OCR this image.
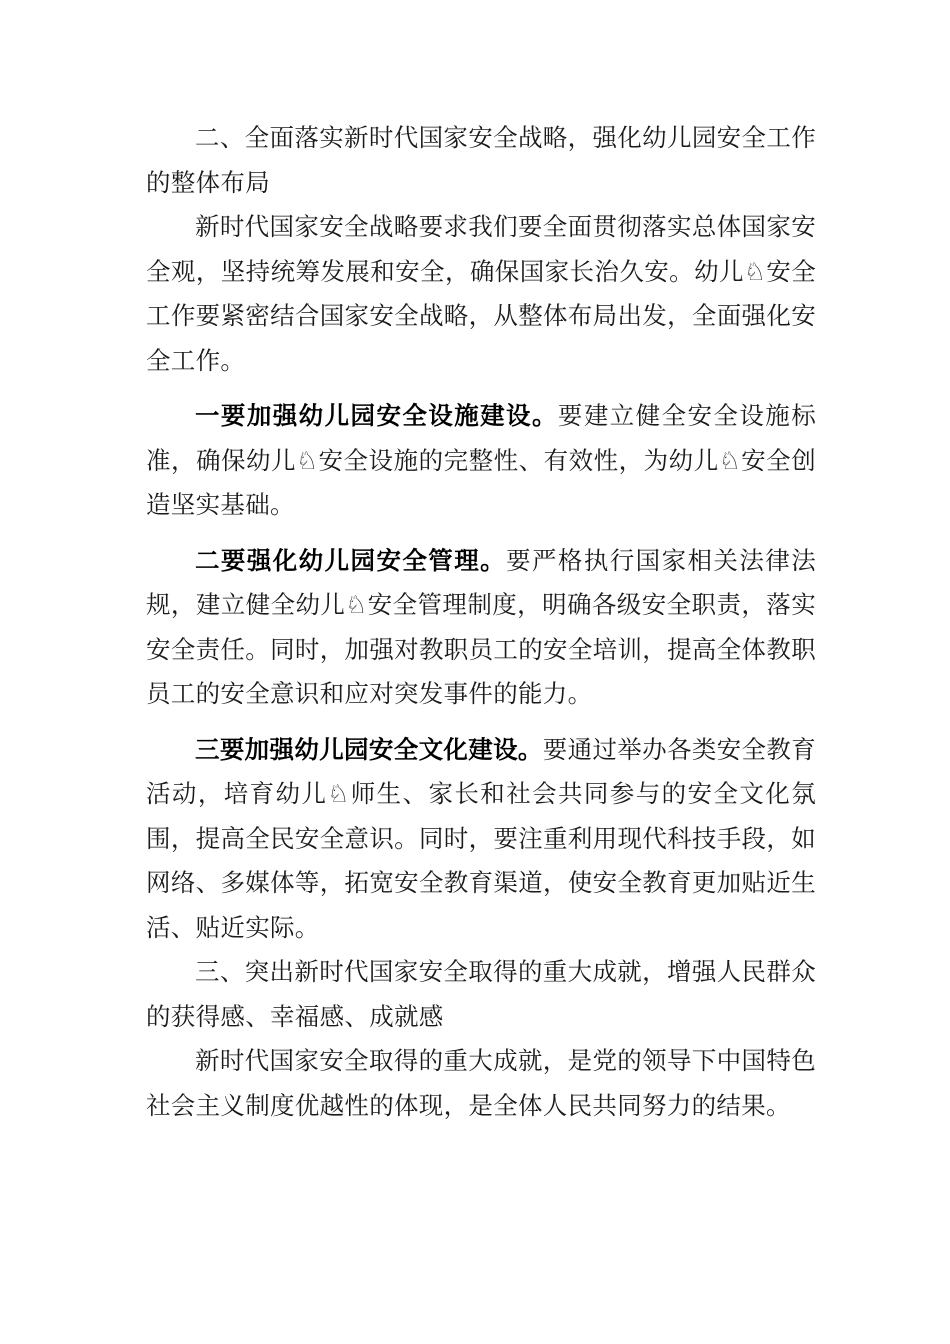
二、全面落实新时代国家安全战略，强化幼儿园安全工作的整体布局

新时代国家安全战略要求我们要全面贯彻落实总体国家安全观，坚持统筹发展和安全，确保国家长治久安。幼儿♘安全工作要紧密结合国家安全战略，从整体布局出发，全面强化安全工作。

一要加强幼儿园安全设施建设。要建立健全安全设施标准，确保幼儿♘安全设施的完整性、有效性，为幼儿♘安全创造坚实基础。

二要强化幼儿园安全管理。要严格执行国家相关法律法规，建立健全幼儿♘安全管理制度，明确各级安全职责，落实安全责任。同时，加强对教职员工的安全培训，提高全体教职员工的安全意识和应对突发事件的能力。

三要加强幼儿园安全文化建设。要通过举办各类安全教育活动，培育幼儿♘师生、家长和社会共同参与的安全文化氛围，提高全民安全意识。同时，要注重利用现代科技手段，如网络、多媒体等，拓宽安全教育渠道，使安全教育更加贴近生活、贴近实际。

三、突出新时代国家安全取得的重大成就，增强人民群众的获得感、幸福感、成就感

新时代国家安全取得的重大成就，是党的领导下中国特色社会主义制度优越性的体现，是全体人民共同努力的结果。
